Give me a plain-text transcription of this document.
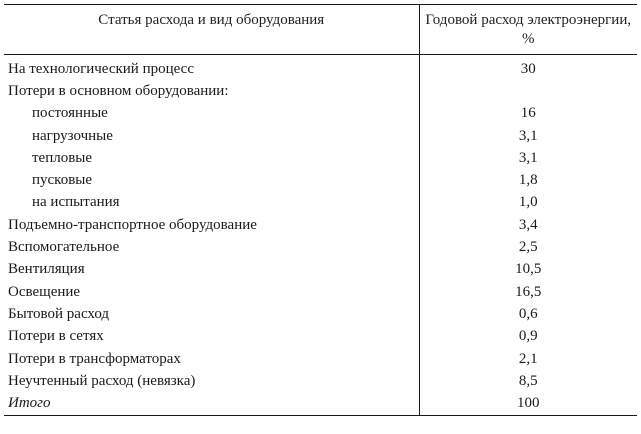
Статья расхода и вид оборудования	Годовой расход электроэнергии, %
На технологический процесс	30
Потери в основном оборудовании:	
постоянные	16
нагрузочные	3,1
тепловые	3,1
пусковые	1,8
на испытания	1,0
Подъемно-транспортное оборудование	3,4
Вспомогательное	2,5
Вентиляция	10,5
Освещение	16,5
Бытовой расход	0,6
Потери в сетях	0,9
Потери в трансформаторах	2,1
Неучтенный расход (невязка)	8,5
Итого	100
